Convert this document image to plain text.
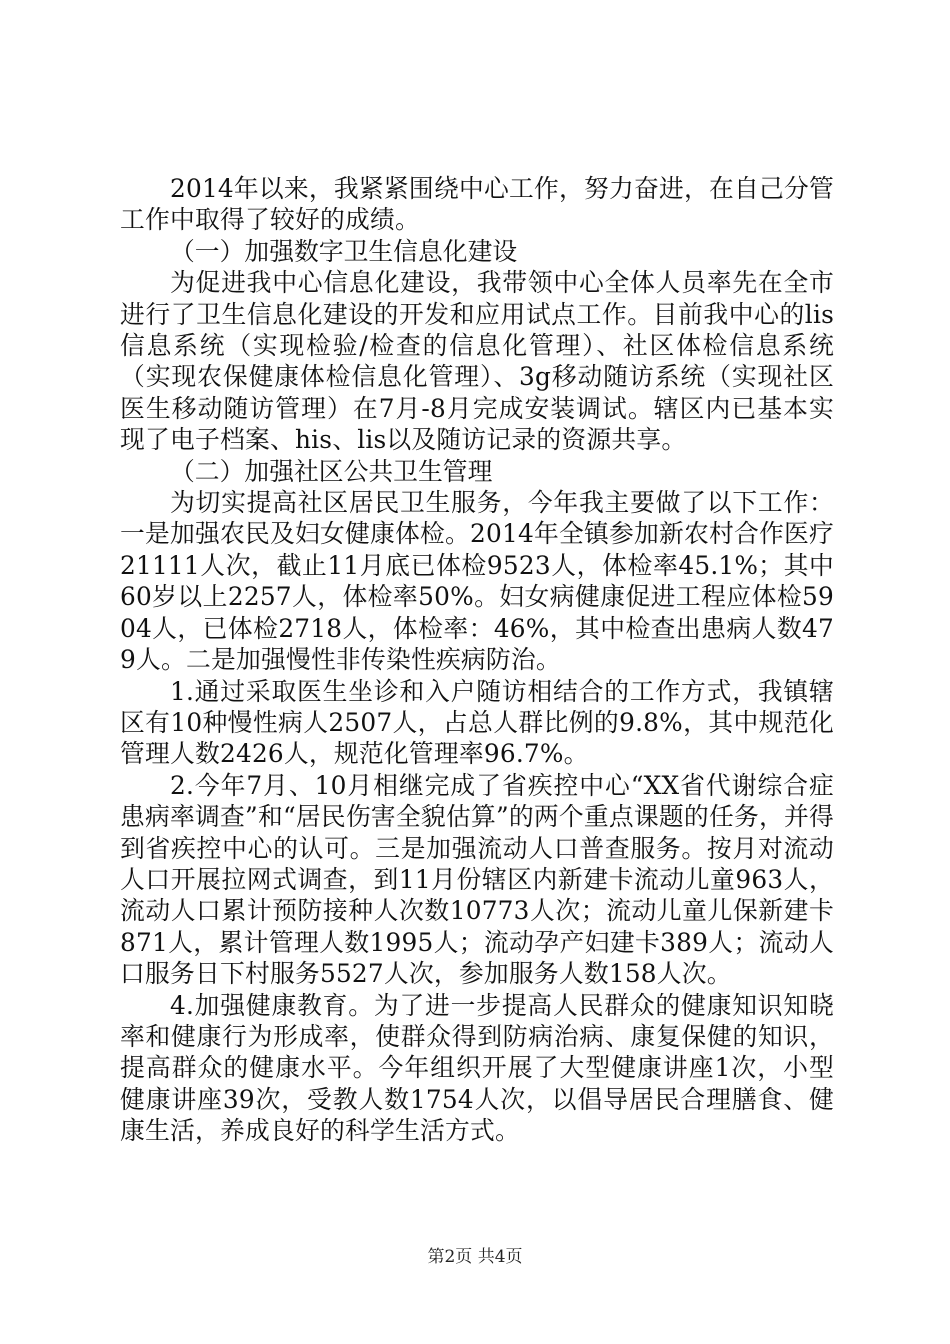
2014年以来，我紧紧围绕中心工作，努力奋进，在自己分管工作中取得了较好的成绩。

（一）加强数字卫生信息化建设

为促进我中心信息化建设，我带领中心全体人员率先在全市进行了卫生信息化建设的开发和应用试点工作。目前我中心的lis信息系统（实现检验/检查的信息化管理）、社区体检信息系统（实现农保健康体检信息化管理）、3g移动随访系统（实现社区医生移动随访管理）在7月-8月完成安装调试。辖区内已基本实现了电子档案、his、lis以及随访记录的资源共享。

（二）加强社区公共卫生管理

为切实提高社区居民卫生服务，今年我主要做了以下工作：一是加强农民及妇女健康体检。2014年全镇参加新农村合作医疗21111人次，截止11月底已体检9523人，体检率45.1%；其中60岁以上2257人，体检率50%。妇女病健康促进工程应体检5904人，已体检2718人，体检率：46%，其中检查出患病人数479人。二是加强慢性非传染性疾病防治。

1.通过采取医生坐诊和入户随访相结合的工作方式，我镇辖区有10种慢性病人2507人，占总人群比例的9.8%，其中规范化管理人数2426人，规范化管理率96.7%。

2.今年7月、10月相继完成了省疾控中心“XX省代谢综合症患病率调查”和“居民伤害全貌估算”的两个重点课题的任务，并得到省疾控中心的认可。三是加强流动人口普查服务。按月对流动人口开展拉网式调查，到11月份辖区内新建卡流动儿童963人，流动人口累计预防接种人次数10773人次；流动儿童儿保新建卡871人，累计管理人数1995人；流动孕产妇建卡389人；流动人口服务日下村服务5527人次，参加服务人数158人次。

4.加强健康教育。为了进一步提高人民群众的健康知识知晓率和健康行为形成率，使群众得到防病治病、康复保健的知识，提高群众的健康水平。今年组织开展了大型健康讲座1次，小型健康讲座39次，受教人数1754人次，以倡导居民合理膳食、健康生活，养成良好的科学生活方式。

第2页 共4页
